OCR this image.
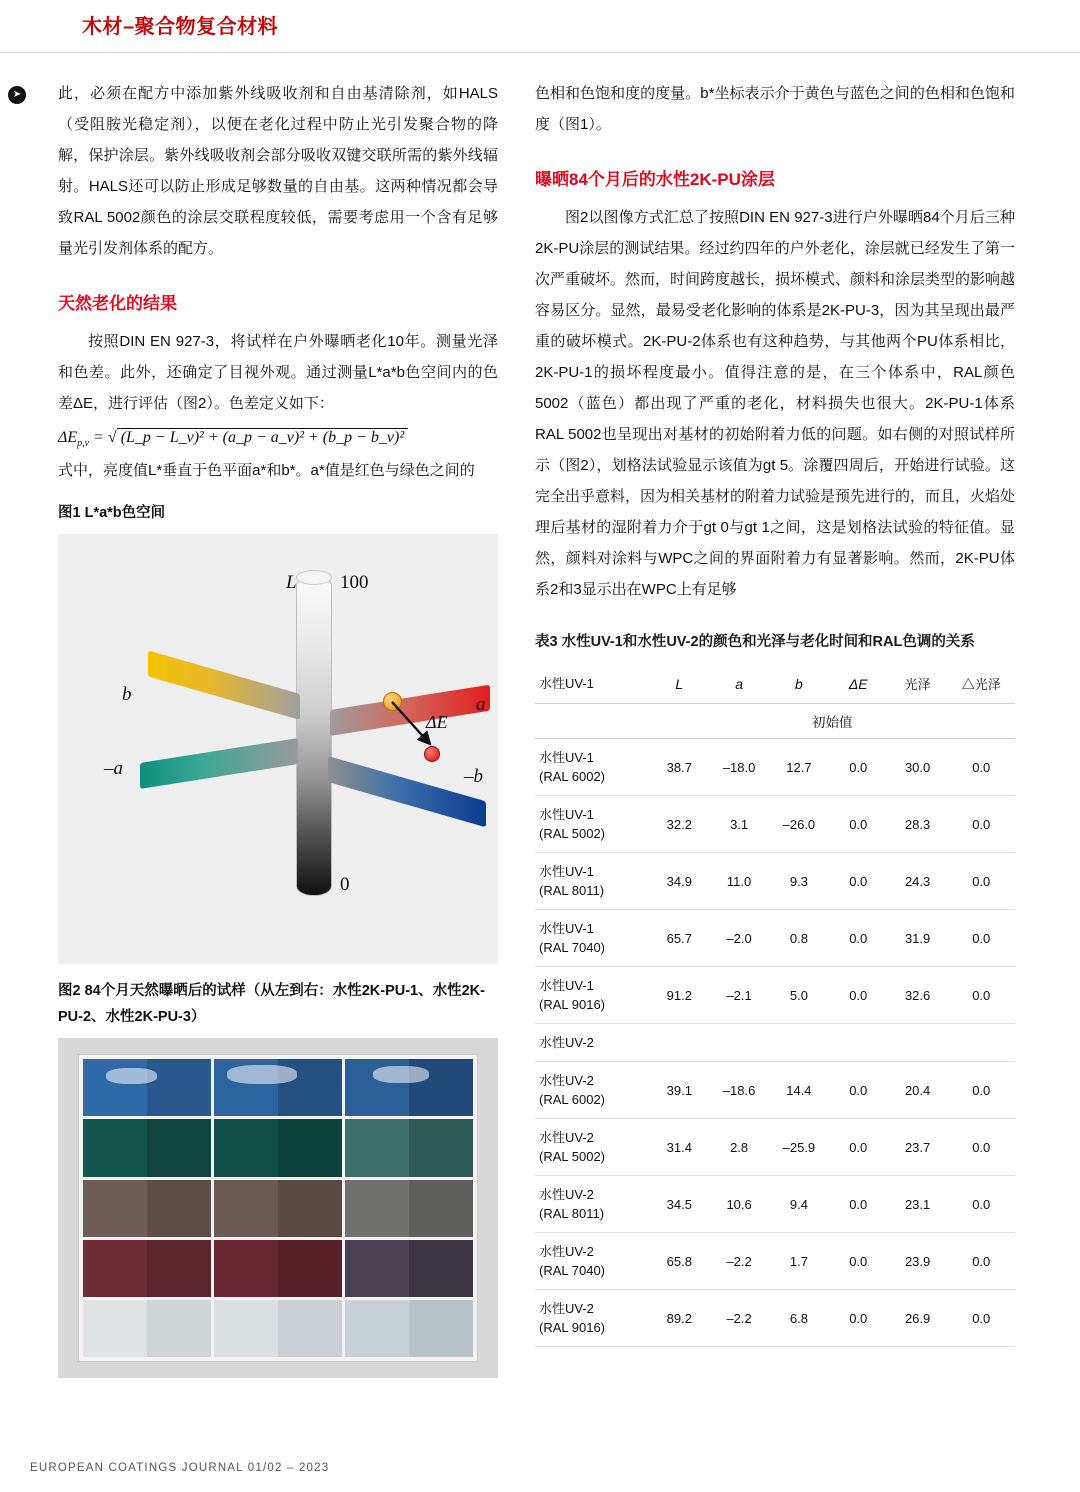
木材–聚合物复合材料
➤	此，必须在配方中添加紫外线吸收剂和自由基清除剂，如HALS（受阻胺光稳定剂），以便在老化过程中防止光引发聚合物的降解，保护涂层。紫外线吸收剂会部分吸收双键交联所需的紫外线辐射。HALS还可以防止形成足够数量的自由基。这两种情况都会导致RAL 5002颜色的涂层交联程度较低，需要考虑用一个含有足够量光引发剂体系的配方。

天然老化的结果

按照DIN EN 927-3，将试样在户外曝晒老化10年。测量光泽和色差。此外，还确定了目视外观。通过测量L*a*b色空间内的色差ΔE，进行评估（图2）。色差定义如下：

$\Delta E_{p,v}$ = √ (L_p − L_v)² + (a_p − a_v)² + (b_p − b_v)²

式中，亮度值L*垂直于色平面a*和b*。a*值是红色与绿色之间的

图1 L*a*b色空间
L 100
0
b	a
–a	–b
ΔE
图2 84个月天然曝晒后的试样（从左到右：水性2K-PU-1、水性2K-PU-2、水性2K-PU-3）

色相和色饱和度的度量。b*坐标表示介于黄色与蓝色之间的色相和色饱和度（图1）。

曝晒84个月后的水性2K-PU涂层

图2以图像方式汇总了按照DIN EN 927-3进行户外曝晒84个月后三种2K-PU涂层的测试结果。经过约四年的户外老化，涂层就已经发生了第一次严重破坏。然而，时间跨度越长，损坏模式、颜料和涂层类型的影响越容易区分。显然，最易受老化影响的体系是2K-PU-3，因为其呈现出最严重的破坏模式。2K-PU-2体系也有这种趋势，与其他两个PU体系相比，2K-PU-1的损坏程度最小。值得注意的是，在三个体系中，RAL颜色5002（蓝色）都出现了严重的老化，材料损失也很大。2K-PU-1体系RAL 5002也呈现出对基材的初始附着力低的问题。如右侧的对照试样所示（图2），划格法试验显示该值为gt 5。涂覆四周后，开始进行试验。这完全出乎意料，因为相关基材的附着力试验是预先进行的，而且，火焰处理后基材的湿附着力介于gt 0与gt 1之间，这是划格法试验的特征值。显然，颜料对涂料与WPC之间的界面附着力有显著影响。然而，2K-PU体系2和3显示出在WPC上有足够

表3 水性UV-1和水性UV-2的颜色和光泽与老化时间和RAL色调的关系
	初始值					
水性UV-1	L	a	b	ΔE	光泽	△光泽
水性UV-1
(RAL 6002)	38.7	–18.0	12.7	0.0	30.0	0.0
水性UV-1
(RAL 5002)	32.2	3.1	–26.0	0.0	28.3	0.0
水性UV-1
(RAL 8011)	34.9	11.0	9.3	0.0	24.3	0.0
水性UV-1
(RAL 7040)	65.7	–2.0	0.8	0.0	31.9	0.0
水性UV-1
(RAL 9016)	91.2	–2.1	5.0	0.0	32.6	0.0
水性UV-2						
水性UV-2
(RAL 6002)	39.1	–18.6	14.4	0.0	20.4	0.0
水性UV-2
(RAL 5002)	31.4	2.8	–25.9	0.0	23.7	0.0
水性UV-2
(RAL 8011)	34.5	10.6	9.4	0.0	23.1	0.0
水性UV-2
(RAL 7040)	65.8	–2.2	1.7	0.0	23.9	0.0
水性UV-2
(RAL 9016)	89.2	–2.2	6.8	0.0	26.9	0.0
EUROPEAN COATINGS JOURNAL 01/02 – 2023
